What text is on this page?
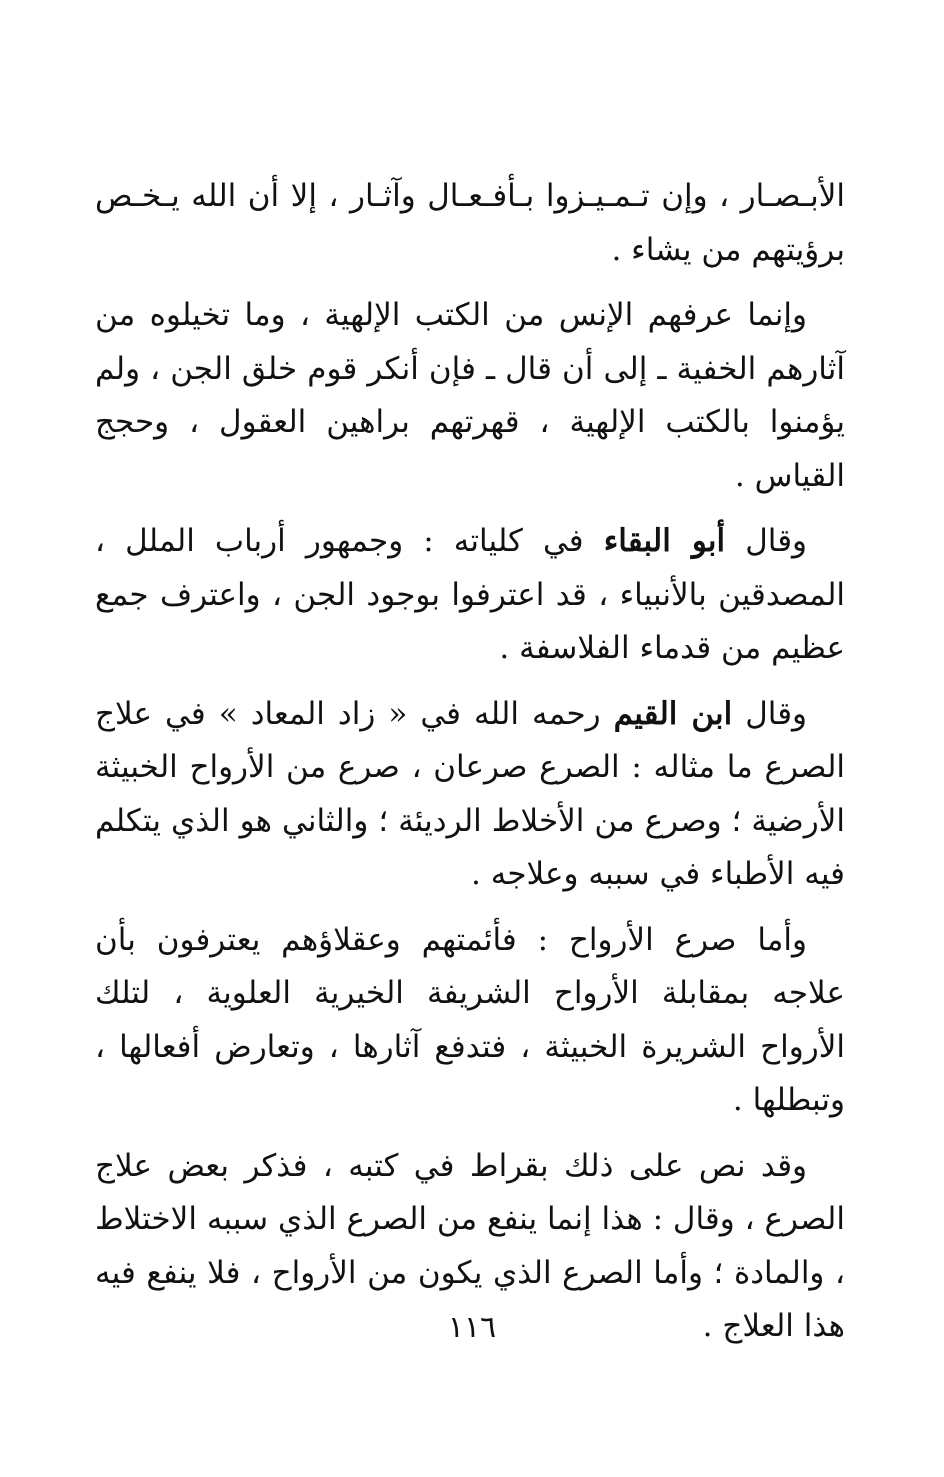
الأبـصـار ، وإن تـمـيـزوا بـأفـعـال وآثـار ، إلا أن الله يـخـص برؤيتهم من يشاء .

وإنما عرفهم الإنس من الكتب الإلهية ، وما تخيلوه من آثارهم الخفية ـ إلى أن قال ـ فإن أنكر قوم خلق الجن ، ولم يؤمنوا بالكتب الإلهية ، قهرتهم براهين العقول ، وحجج القياس .

وقال أبو البقاء في كلياته : وجمهور أرباب الملل ، المصدقين بالأنبياء ، قد اعترفوا بوجود الجن ، واعترف جمع عظيم من قدماء الفلاسفة .

وقال ابن القيم رحمه الله في « زاد المعاد » في علاج الصرع ما مثاله : الصرع صرعان ، صرع من الأرواح الخبيثة الأرضية ؛ وصرع من الأخلاط الرديئة ؛ والثاني هو الذي يتكلم فيه الأطباء في سببه وعلاجه .

وأما صرع الأرواح : فأئمتهم وعقلاؤهم يعترفون بأن علاجه بمقابلة الأرواح الشريفة الخيرية العلوية ، لتلك الأرواح الشريرة الخبيثة ، فتدفع آثارها ، وتعارض أفعالها ، وتبطلها .

وقد نص على ذلك بقراط في كتبه ، فذكر بعض علاج الصرع ، وقال : هذا إنما ينفع من الصرع الذي سببه الاختلاط ، والمادة ؛ وأما الصرع الذي يكون من الأرواح ، فلا ينفع فيه هذا العلاج .

١١٦
